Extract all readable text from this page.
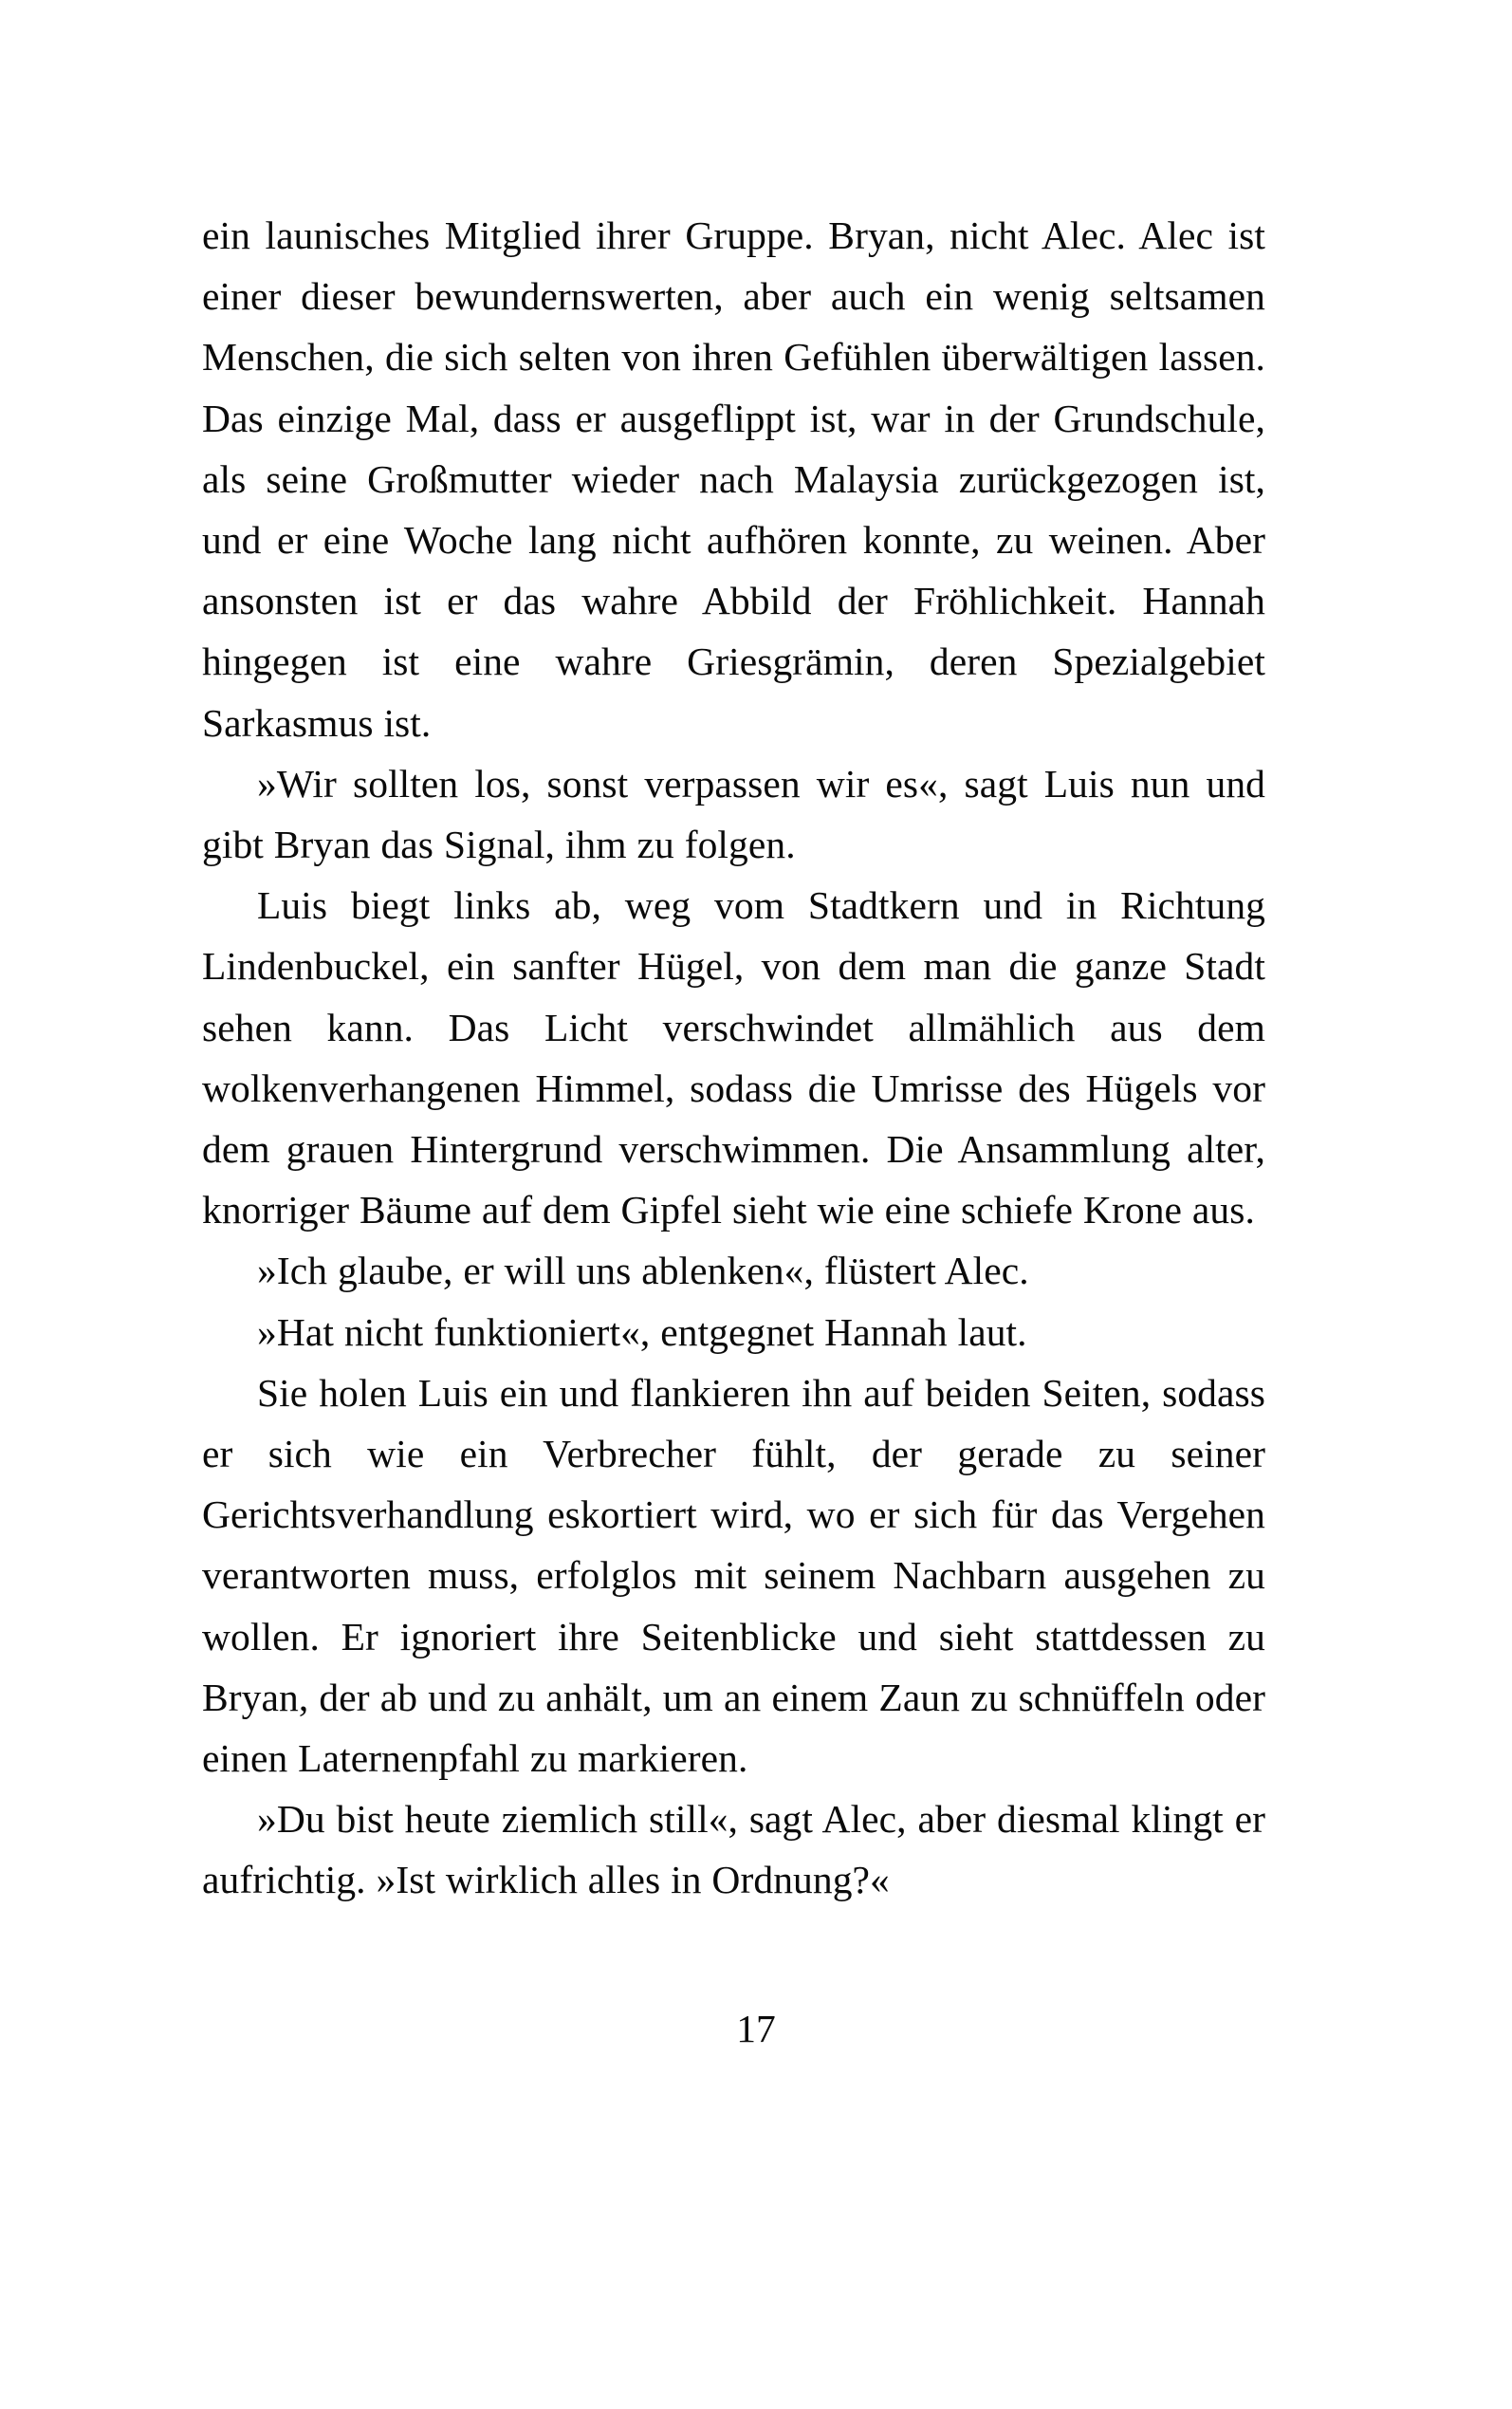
ein launisches Mitglied ihrer Gruppe. Bryan, nicht Alec. Alec ist einer dieser bewundernswerten, aber auch ein wenig seltsamen Menschen, die sich selten von ihren Gefühlen überwältigen lassen. Das einzige Mal, dass er ausgeflippt ist, war in der Grundschule, als seine Großmutter wieder nach Malaysia zurückgezogen ist, und er eine Woche lang nicht aufhören konnte, zu weinen. Aber ansonsten ist er das wahre Abbild der Fröhlichkeit. Hannah hingegen ist eine wahre Griesgrämin, deren Spezialgebiet Sarkasmus ist.

»Wir sollten los, sonst verpassen wir es«, sagt Luis nun und gibt Bryan das Signal, ihm zu folgen.

Luis biegt links ab, weg vom Stadtkern und in Richtung Lindenbuckel, ein sanfter Hügel, von dem man die ganze Stadt sehen kann. Das Licht verschwindet allmählich aus dem wolkenverhangenen Himmel, sodass die Umrisse des Hügels vor dem grauen Hintergrund verschwimmen. Die Ansammlung alter, knorriger Bäume auf dem Gipfel sieht wie eine schiefe Krone aus.

»Ich glaube, er will uns ablenken«, flüstert Alec.

»Hat nicht funktioniert«, entgegnet Hannah laut.

Sie holen Luis ein und flankieren ihn auf beiden Seiten, sodass er sich wie ein Verbrecher fühlt, der gerade zu seiner Gerichtsverhandlung eskortiert wird, wo er sich für das Vergehen verantworten muss, erfolglos mit seinem Nachbarn ausgehen zu wollen. Er ignoriert ihre Seitenblicke und sieht stattdessen zu Bryan, der ab und zu anhält, um an einem Zaun zu schnüffeln oder einen Laternenpfahl zu markieren.

»Du bist heute ziemlich still«, sagt Alec, aber diesmal klingt er aufrichtig. »Ist wirklich alles in Ordnung?«

17
